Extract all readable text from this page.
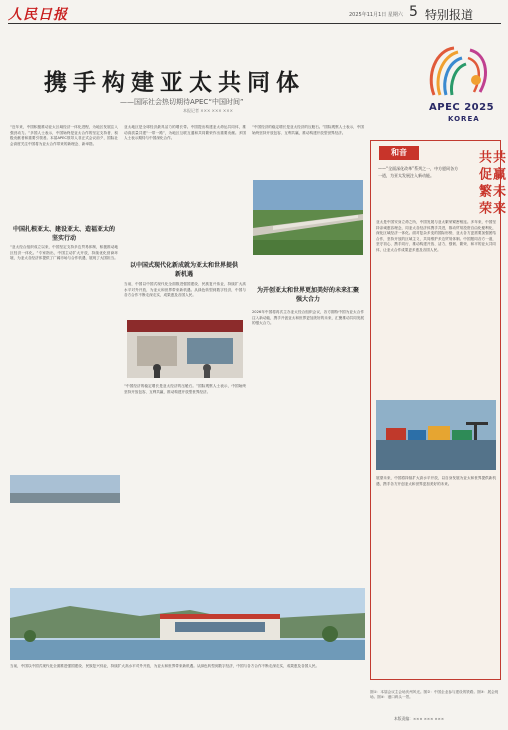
人民日报	2025年11月1日 星期六 5 特别报道
携手构建亚太共同体
——国际社会热切期待APEC“中国时间”
本报记者 ××× ××× ×××	APEC 2025
KOREA
“近年来，中国积极推动亚太区域经济一体化进程，为地区发展注入强劲动力。”多国人士表示，中国始终是亚太合作的坚定支持者、积极贡献者和重要引领者。本届APEC领导人非正式会议前夕，国际社会高度关注中国将为亚太合作带来的新理念、新举措。
中国扎根亚太、建设亚太、造福亚太的坚实行动
“亚太经合组织成立以来，中国坚定支持多边贸易体制，积极推动地区经济一体化。”专家指出，中国主动扩大开放，持续优化营商环境，为亚太各经济体提供了广阔市场与合作机遇，展现了大国担当。
亚太地区是全球经济最具活力的增长带。中国提出构建亚太命运共同体，推动高质量共建“一带一路”，为地区互联互通和共同繁荣作出重要贡献。多国人士表示期待与中国深化合作。
以中国式现代化新成就为亚太和世界提供新机遇
当前，中国以中国式现代化全面推进强国建设、民族复兴伟业，持续扩大高水平对外开放，为亚太和世界带来新机遇。从绿色转型到数字经济，中国与各方合作不断走深走实，成果惠及各国人民。
“中国经济的稳定增长是亚太经济的压舱石。”国际观察人士表示，中国始终坚持开放包容、互利共赢，推动构建开放型世界经济。
“中国经济的稳定增长是亚太经济的压舱石。”国际观察人士表示，中国始终坚持开放包容、互利共赢，推动构建开放型世界经济。
为开创亚太和世界更加美好的未来汇聚强大合力
2026年中国将再次主办亚太经合组织会议，各方期待中国为亚太合作注入新动能，携手开创亚太和世界更加美好的未来，汇聚推动共同发展的强大合力。
当前，中国以中国式现代化全面推进强国建设、民族复兴伟业，持续扩大高水平对外开放，为亚太和世界带来新机遇。从绿色转型到数字经济，中国与各方合作不断走深走实，成果惠及各国人民。
和音
——“全面深化改革”系列之一，中方愿同各方一道，为亚太发展注入新动能。	共促繁荣 共赢未来
亚太是中国安身立命之所，中国发展与亚太繁荣紧密相连。多年来，中国坚持亲诚惠容理念，同亚太各经济体携手共进，推动贸易投资自由化便利化，深化区域经济一体化。面对复杂多变的国际形势，亚太各方更需要加强团结合作，坚持开放的区域主义，共同维护多边贸易体制。中国愿同各方一道，坚守初心、携手同行，推动构建开放、活力、强韧、繁荣、和平的亚太共同体，让亚太合作成果更多惠及各国人民。
展望未来，中国将持续扩大高水平开放，以自身发展为亚太和世界提供新机遇，携手各方开创亚太和世界更加美好的未来。
图①：本届会议主会场庆州风光。图②：中国企业参与建设的铁路。图③：展会现场。图④：港口码头一景。
本版责编：××× ××× ×××
